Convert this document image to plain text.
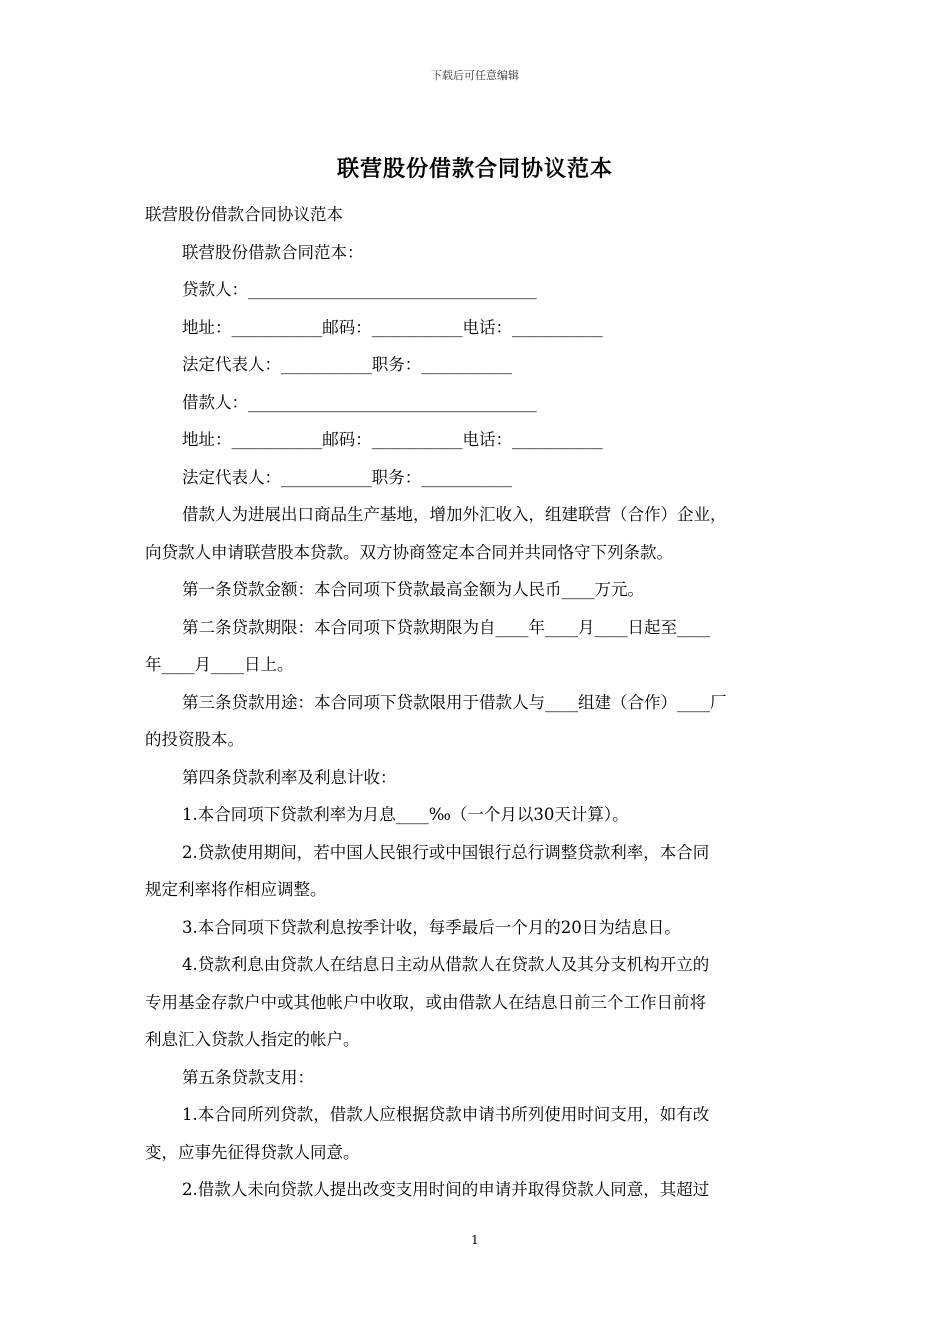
下载后可任意编辑
联营股份借款合同协议范本
联营股份借款合同协议范本
联营股份借款合同范本：
贷款人：___________________________________
地址：___________邮码：___________电话：___________
法定代表人：___________职务：___________
借款人：___________________________________
地址：___________邮码：___________电话：___________
法定代表人：___________职务：___________
借款人为进展出口商品生产基地，增加外汇收入，组建联营（合作）企业，
向贷款人申请联营股本贷款。双方协商签定本合同并共同恪守下列条款。
第一条贷款金额：本合同项下贷款最高金额为人民币____万元。
第二条贷款期限：本合同项下贷款期限为自____年____月____日起至____
年____月____日上。
第三条贷款用途：本合同项下贷款限用于借款人与____组建（合作）____厂
的投资股本。
第四条贷款利率及利息计收：
1.本合同项下贷款利率为月息____‰（一个月以30天计算）。
2.贷款使用期间，若中国人民银行或中国银行总行调整贷款利率，本合同
规定利率将作相应调整。
3.本合同项下贷款利息按季计收，每季最后一个月的20日为结息日。
4.贷款利息由贷款人在结息日主动从借款人在贷款人及其分支机构开立的
专用基金存款户中或其他帐户中收取，或由借款人在结息日前三个工作日前将
利息汇入贷款人指定的帐户。
第五条贷款支用：
1.本合同所列贷款，借款人应根据贷款申请书所列使用时间支用，如有改
变，应事先征得贷款人同意。
2.借款人未向贷款人提出改变支用时间的申请并取得贷款人同意，其超过
1
